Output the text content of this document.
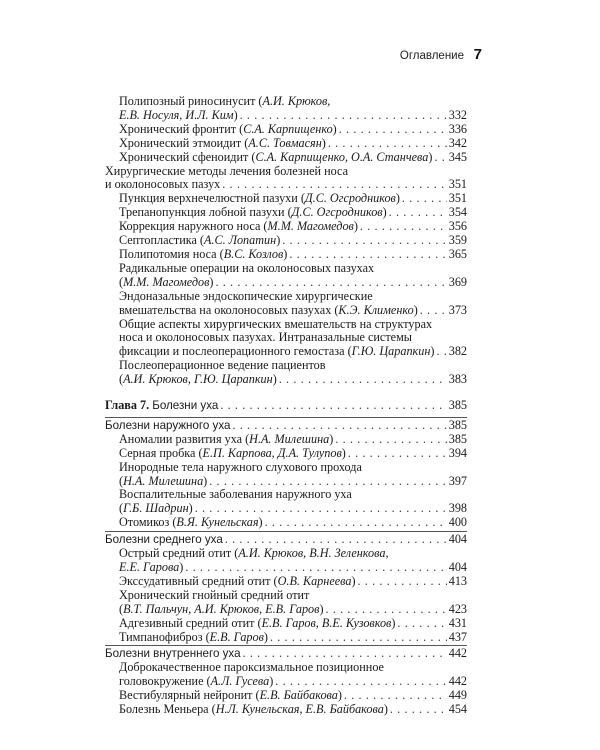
Оглавление 7
Полипозный риносинусит (А.И. Крюков,
Е.В. Носуля, И.Л. Ким) . . .	332
Хронический фронтит (С.А. Карпищенко) . . .	336
Хронический этмоидит (А.С. Товмасян) . . .	342
Хронический сфеноидит (С.А. Карпищенко, О.А. Станчева) . . . 345
Хирургические методы лечения болезней носа
и околоносовых пазух . . .	351
Пункция верхнечелюстной пазухи (Д.С. Огсродников) . . .	351
Трепанопункция лобной пазухи (Д.С. Огсродников) . . .	354
Коррекция наружного носа (М.М. Магомедов) . . .	356
Септопластика (А.С. Лопатин) . . .	359
Полипотомия носа (В.С. Козлов) . . .	365
Радикальные операции на околоносовых пазухах
(М.М. Магомедов) . . .	369
Эндоназальные эндоскопические хирургические
вмешательства на околоносовых пазухах (К.Э. Клименко) . . .	373
Общие аспекты хирургических вмешательств на структурах
носа и околоносовых пазухах. Интраназальные системы
фиксации и послеоперационного гемостаза (Г.Ю. Царапкин) . . . 382
Послеоперационное ведение пациентов
(А.И. Крюков, Г.Ю. Царапкин) . . .	383
Глава 7. Болезни уха . . .	385
Болезни наружного уха . . .	385
Аномалии развития уха (Н.А. Милешина) . . .	385
Серная пробка (Е.П. Карпова, Д.А. Тулупов) . . .	394
Инородные тела наружного слухового прохода
(Н.А. Милешина) . . .	397
Воспалительные заболевания наружного уха
(Г.Б. Шадрин) . . .	398
Отомикоз (В.Я. Кунельская) . . .	400
Болезни среднего уха . . .	404
Острый средний отит (А.И. Крюков, В.Н. Зеленкова,
Е.Е. Гарова) . . .	404
Экссудативный средний отит (О.В. Карнеева) . . .	413
Хронический гнойный средний отит
(В.Т. Пальчун, А.И. Крюков, Е.В. Гаров) . . .	423
Адгезивный средний отит (Е.В. Гаров, В.Е. Кузовков) . . .	431
Тимпанофиброз (Е.В. Гаров) . . .	437
Болезни внутреннего уха . . .	442
Доброкачественное пароксизмальное позиционное
головокружение (А.Л. Гусева) . . .	442
Вестибулярный нейронит (Е.В. Байбакова) . . .	449
Болезнь Меньера (Н.Л. Кунельская, Е.В. Байбакова) . . .	454
